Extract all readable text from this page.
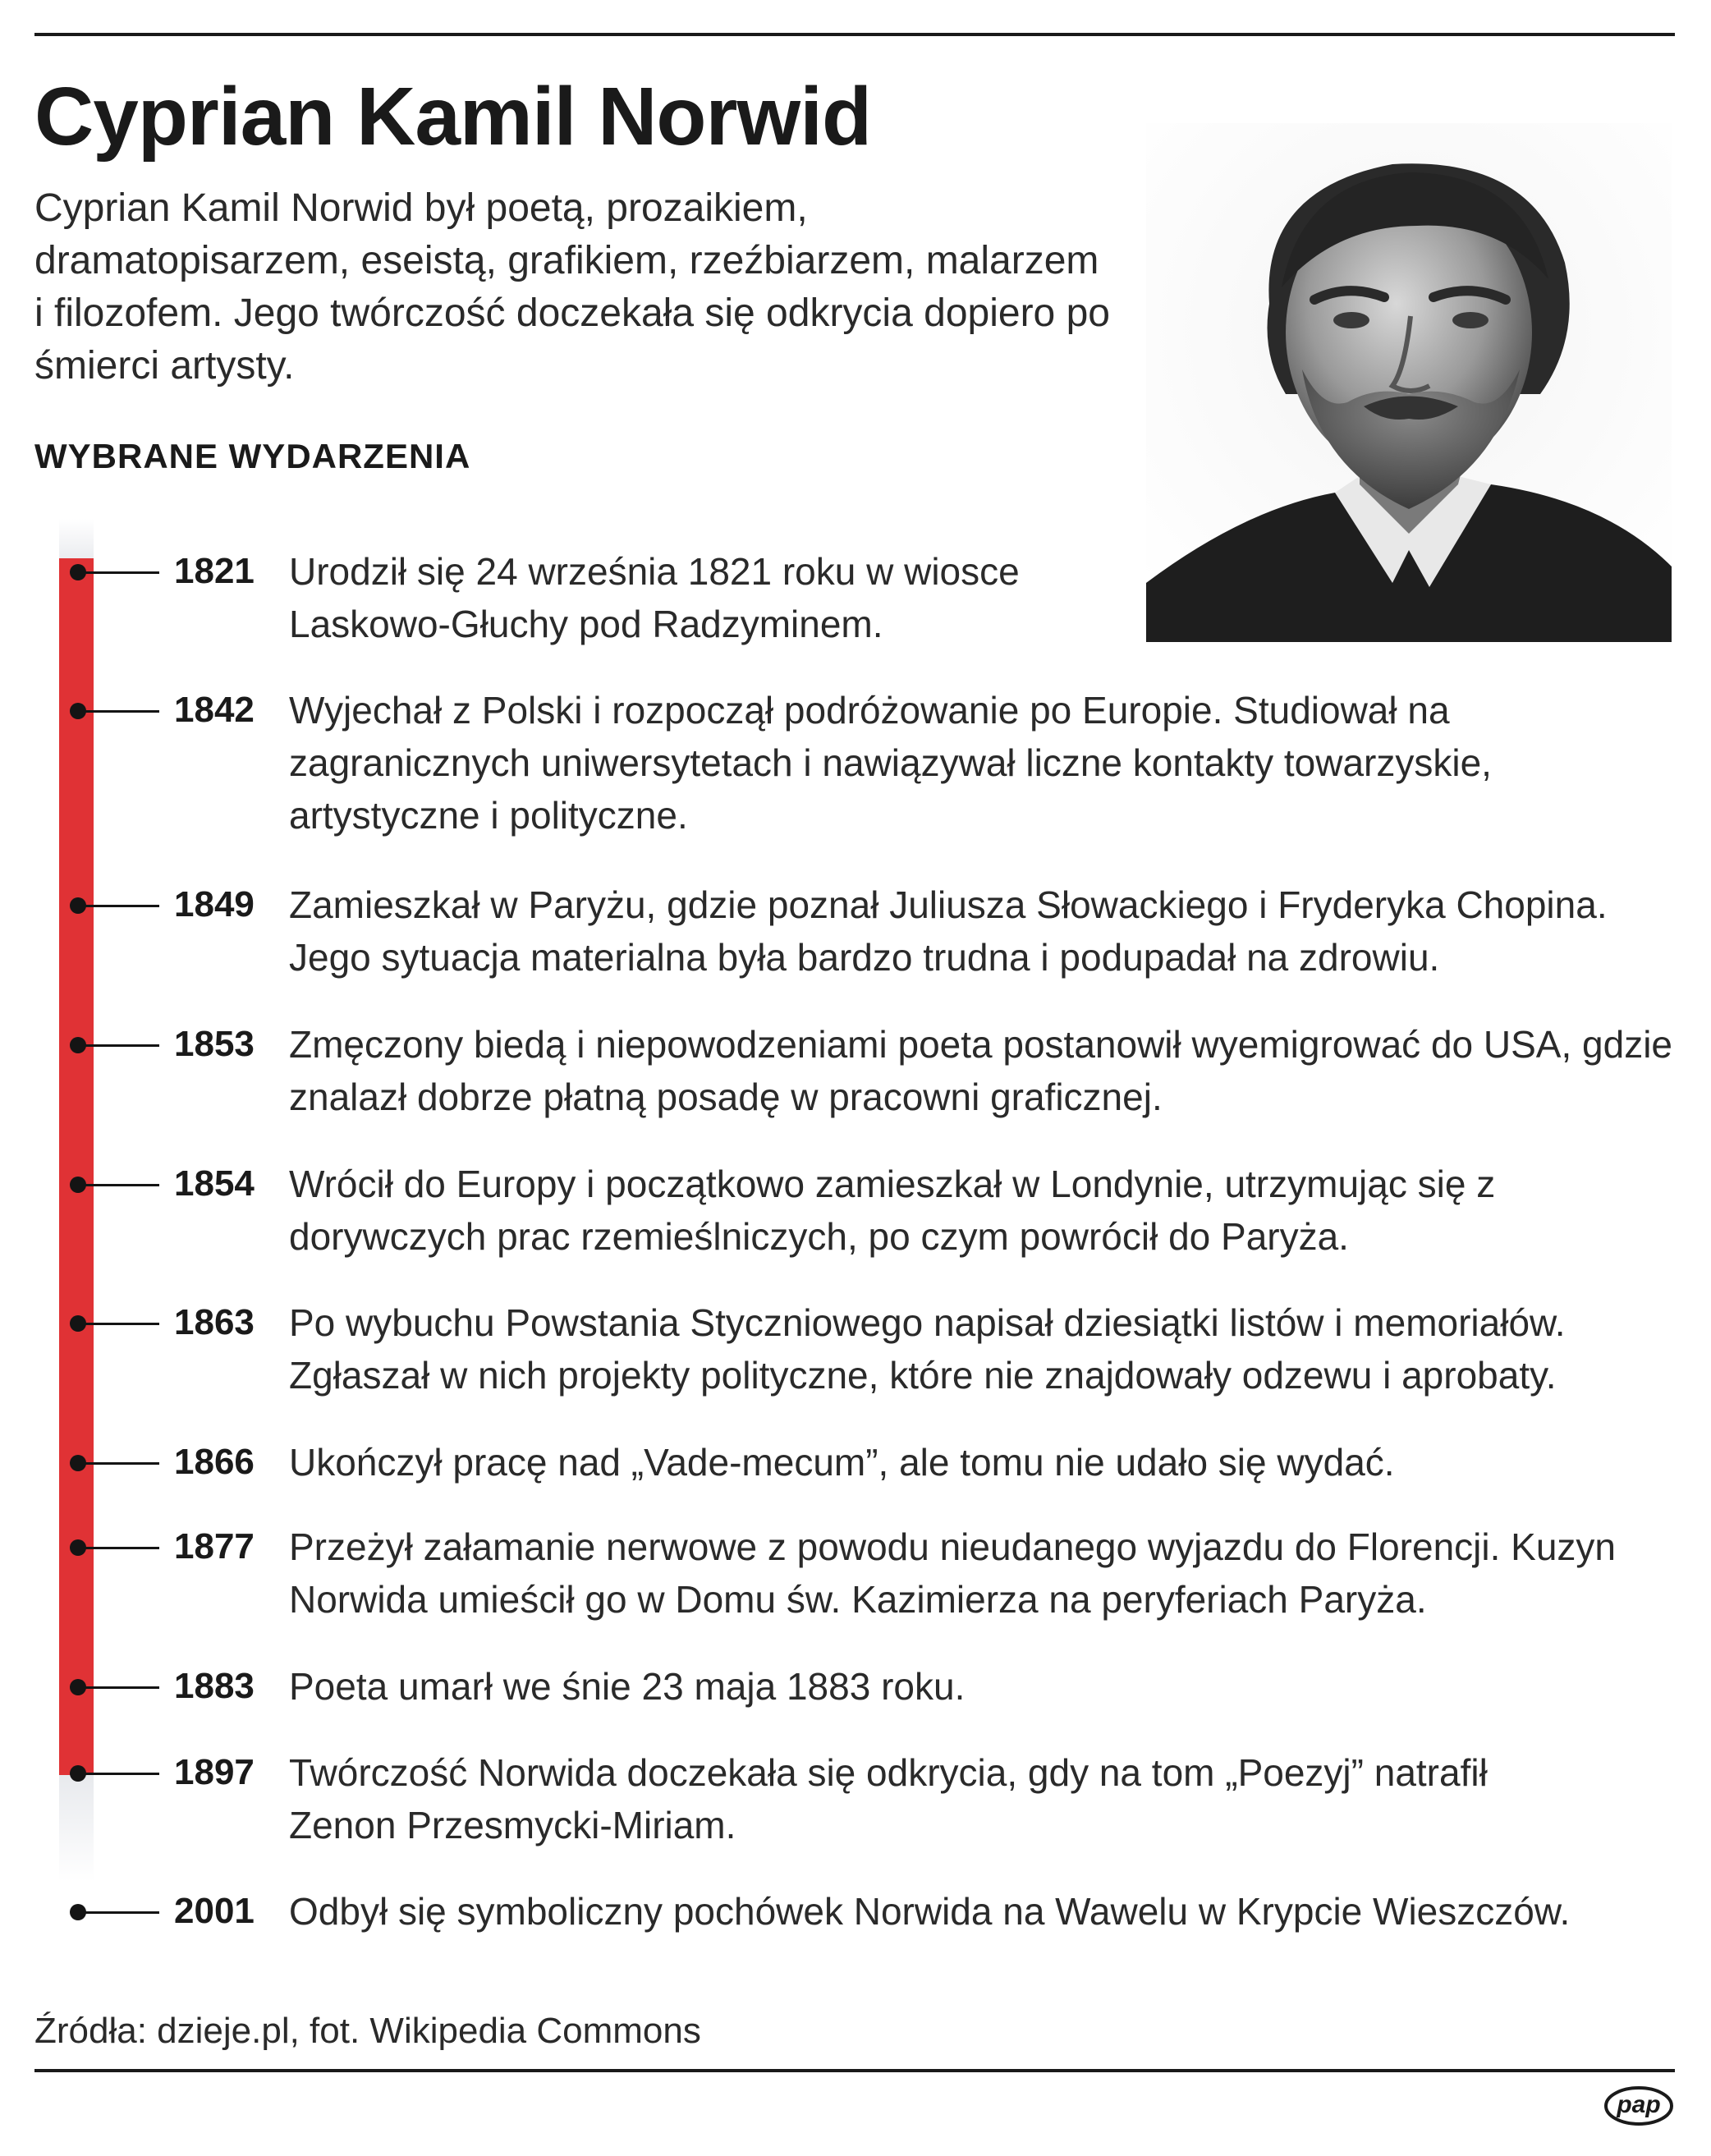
Cyprian Kamil Norwid

Cyprian Kamil Norwid był poetą, prozaikiem, dramatopisarzem, eseistą, grafikiem, rzeźbiarzem, malarzem i filozofem. Jego twórczość doczekała się odkrycia dopiero po śmierci artysty.

WYBRANE WYDARZENIA

1821 Urodził się 24 września 1821 roku w wiosce Laskowo-Głuchy pod Radzyminem.

1842 Wyjechał z Polski i rozpoczął podróżowanie po Europie. Studiował na zagranicznych uniwersytetach i nawiązywał liczne kontakty towarzyskie, artystyczne i polityczne.

1849 Zamieszkał w Paryżu, gdzie poznał Juliusza Słowackiego i Fryderyka Chopina. Jego sytuacja materialna była bardzo trudna i podupadał na zdrowiu.

1853 Zmęczony biedą i niepowodzeniami poeta postanowił wyemigrować do USA, gdzie znalazł dobrze płatną posadę w pracowni graficznej.

1854 Wrócił do Europy i początkowo zamieszkał w Londynie, utrzymując się z dorywczych prac rzemieślniczych, po czym powrócił do Paryża.

1863 Po wybuchu Powstania Styczniowego napisał dziesiątki listów i memoriałów. Zgłaszał w nich projekty polityczne, które nie znajdowały odzewu i aprobaty.

1866 Ukończył pracę nad „Vade-mecum”, ale tomu nie udało się wydać.

1877 Przeżył załamanie nerwowe z powodu nieudanego wyjazdu do Florencji. Kuzyn Norwida umieścił go w Domu św. Kazimierza na peryferiach Paryża.

1883 Poeta umarł we śnie 23 maja 1883 roku.

1897 Twórczość Norwida doczekała się odkrycia, gdy na tom „Poezyj” natrafił Zenon Przesmycki-Miriam.

2001 Odbył się symboliczny pochówek Norwida na Wawelu w Krypcie Wieszczów.

Źródła: dzieje.pl, fot. Wikipedia Commons

pap
